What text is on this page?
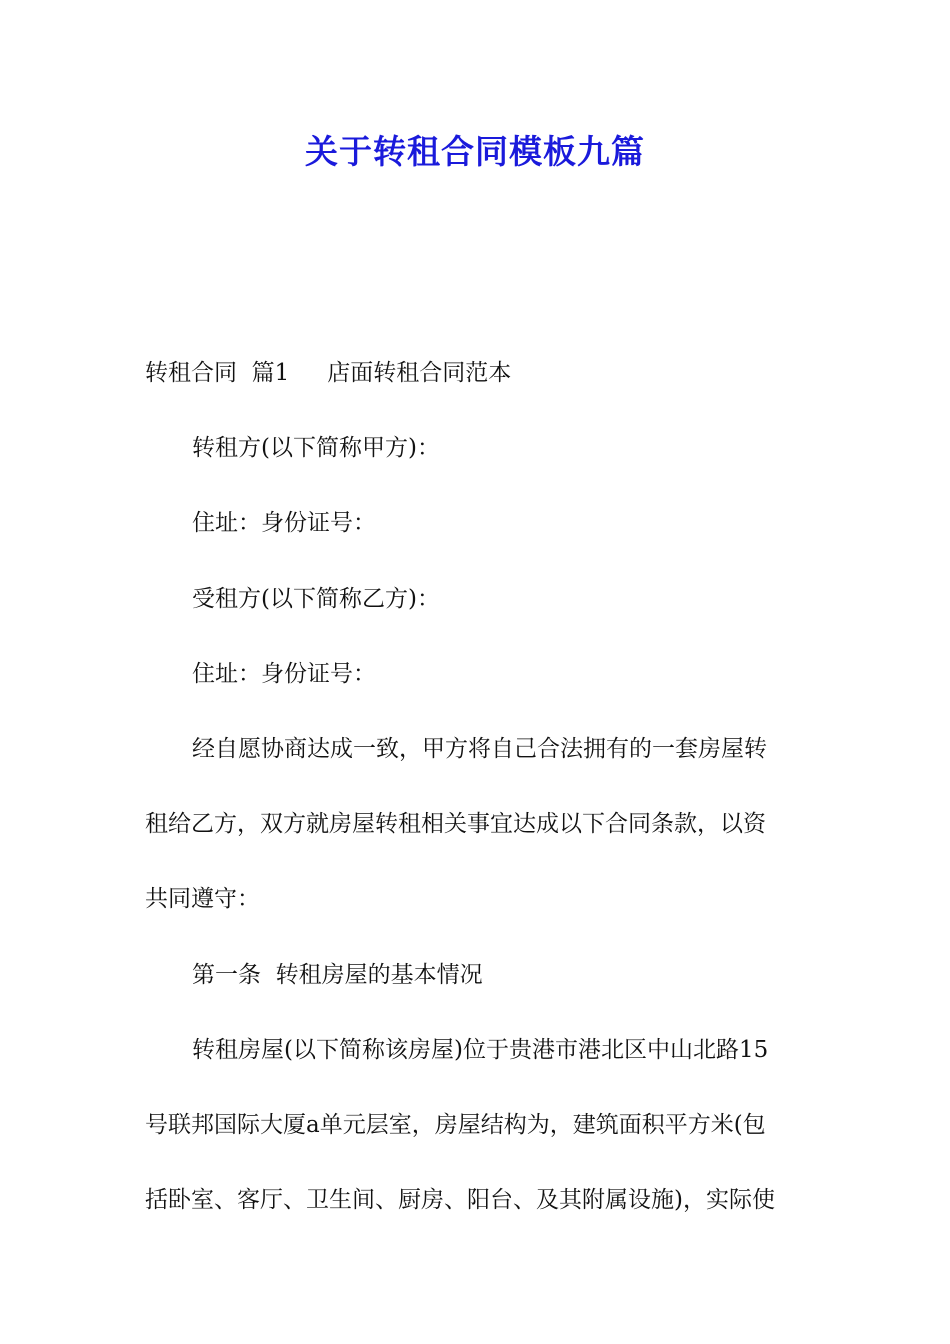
关于转租合同模板九篇
转租合同  篇1 店面转租合同范本
转租方(以下简称甲方)：
住址：身份证号：
受租方(以下简称乙方)：
住址：身份证号：
经自愿协商达成一致，甲方将自己合法拥有的一套房屋转
租给乙方，双方就房屋转租相关事宜达成以下合同条款，以资
共同遵守：
第一条  转租房屋的基本情况
转租房屋(以下简称该房屋)位于贵港市港北区中山北路15
号联邦国际大厦a单元层室，房屋结构为，建筑面积平方米(包
括卧室、客厅、卫生间、厨房、阳台、及其附属设施)，实际使
